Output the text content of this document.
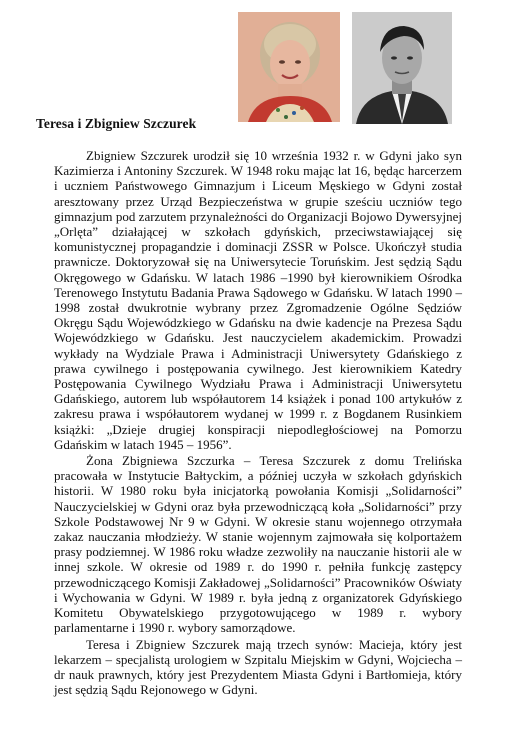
Teresa i Zbigniew Szczurek

Zbigniew Szczurek urodził się 10 września 1932 r. w Gdyni jako syn Kazimierza i Antoniny Szczurek. W 1948 roku mając lat 16, będąc harcerzem i uczniem Państwowego Gimnazjum i Liceum Męskiego w Gdyni został aresztowany przez Urząd Bezpieczeństwa w grupie sześciu uczniów tego gimnazjum pod zarzutem przynależności do Organizacji Bojowo Dywersyjnej „Orlęta” działającej w szkołach gdyńskich, przeciwstawiającej się komunistycznej propagandzie i dominacji ZSSR w Polsce. Ukończył studia prawnicze. Doktoryzował się na Uniwersytecie Toruńskim. Jest sędzią Sądu Okręgowego w Gdańsku. W latach 1986 –1990 był kierownikiem Ośrodka Terenowego Instytutu Badania Prawa Sądowego w Gdańsku. W latach 1990 – 1998 został dwukrotnie wybrany przez Zgromadzenie Ogólne Sędziów Okręgu Sądu Wojewódzkiego w Gdańsku na dwie kadencje na Prezesa Sądu Wojewódzkiego w Gdańsku. Jest nauczycielem akademickim. Prowadzi wykłady na Wydziale Prawa i Administracji Uniwersytety Gdańskiego z prawa cywilnego i postępowania cywilnego. Jest kierownikiem Katedry Postępowania Cywilnego Wydziału Prawa i Administracji Uniwersytetu Gdańskiego, autorem lub współautorem 14 książek i ponad 100 artykułów z zakresu prawa i współautorem wydanej w 1999 r. z Bogdanem Rusinkiem książki: „Dzieje drugiej konspiracji niepodległościowej na Pomorzu Gdańskim w latach 1945 – 1956”.

Żona Zbigniewa Szczurka – Teresa Szczurek z domu Trelińska pracowała w Instytucie Bałtyckim, a później uczyła w szkołach gdyńskich historii. W 1980 roku była inicjatorką powołania Komisji „Solidarności” Nauczycielskiej w Gdyni oraz była przewodniczącą koła „Solidarności” przy Szkole Podstawowej Nr 9 w Gdyni. W okresie stanu wojennego otrzymała zakaz nauczania młodzieży. W stanie wojennym zajmowała się kolportażem prasy podziemnej. W 1986 roku władze zezwoliły na nauczanie historii ale w innej szkole. W okresie od 1989 r. do 1990 r. pełniła funkcję zastępcy przewodniczącego Komisji Zakładowej „Solidarności” Pracowników Oświaty i Wychowania w Gdyni. W 1989 r. była jedną z organizatorek Gdyńskiego Komitetu Obywatelskiego przygotowującego w 1989 r. wybory parlamentarne i 1990 r. wybory samorządowe.

Teresa i Zbigniew Szczurek mają trzech synów: Macieja, który jest lekarzem – specjalistą urologiem w Szpitalu Miejskim w Gdyni, Wojciecha – dr nauk prawnych, który jest Prezydentem Miasta Gdyni i Bartłomieja, który jest sędzią Sądu Rejonowego w Gdyni.
